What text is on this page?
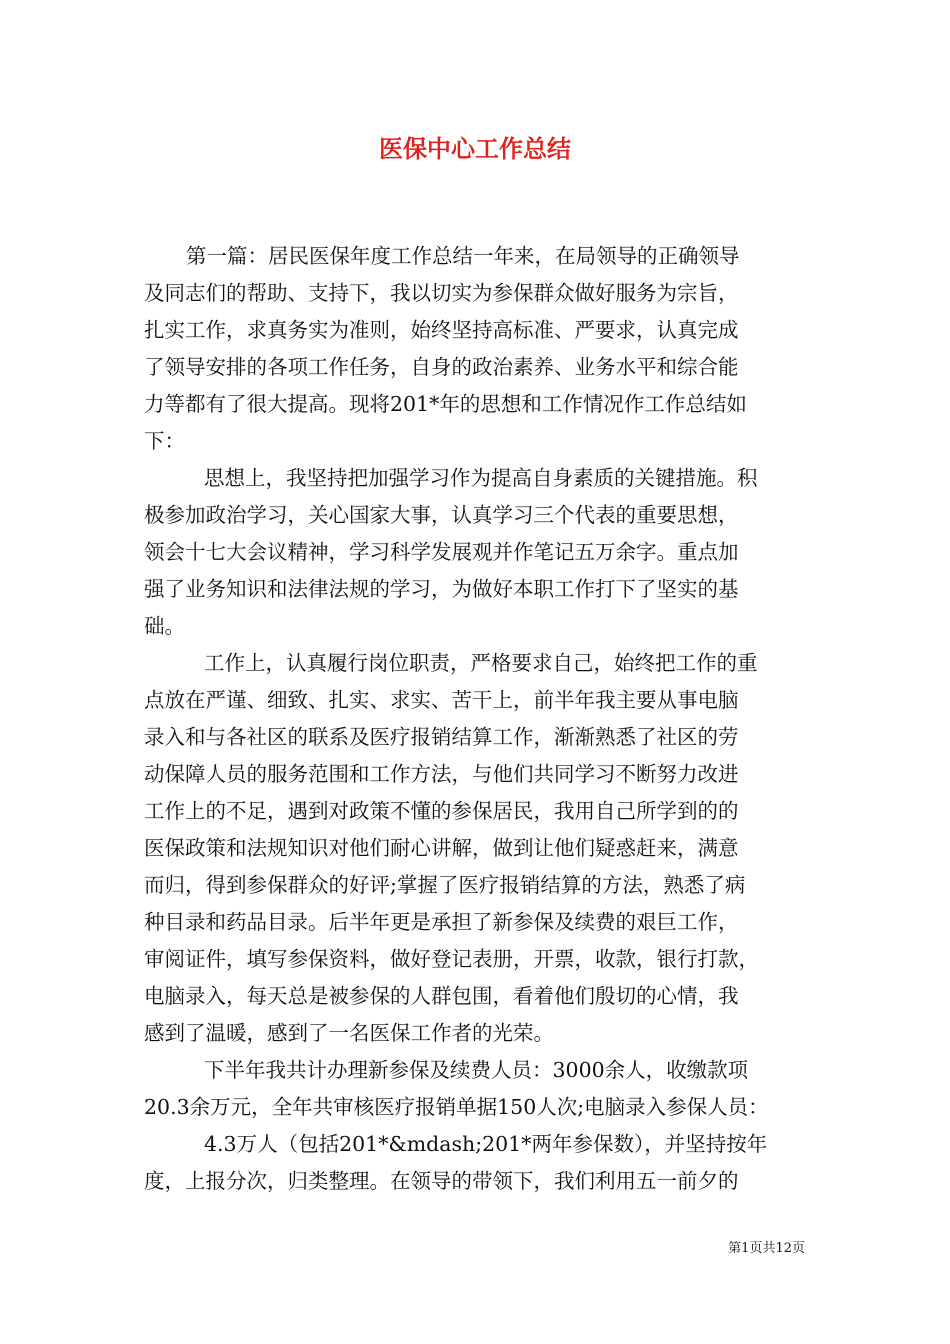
医保中心工作总结
第一篇：居民医保年度工作总结一年来，在局领导的正确领导
及同志们的帮助、支持下，我以切实为参保群众做好服务为宗旨，
扎实工作，求真务实为准则，始终坚持高标准、严要求，认真完成
了领导安排的各项工作任务，自身的政治素养、业务水平和综合能
力等都有了很大提高。现将201*年的思想和工作情况作工作总结如
下：
思想上，我坚持把加强学习作为提高自身素质的关键措施。积
极参加政治学习，关心国家大事，认真学习三个代表的重要思想，
领会十七大会议精神，学习科学发展观并作笔记五万余字。重点加
强了业务知识和法律法规的学习，为做好本职工作打下了坚实的基
础。
工作上，认真履行岗位职责，严格要求自己，始终把工作的重
点放在严谨、细致、扎实、求实、苦干上，前半年我主要从事电脑
录入和与各社区的联系及医疗报销结算工作，渐渐熟悉了社区的劳
动保障人员的服务范围和工作方法，与他们共同学习不断努力改进
工作上的不足，遇到对政策不懂的参保居民，我用自己所学到的的
医保政策和法规知识对他们耐心讲解，做到让他们疑惑赶来，满意
而归，得到参保群众的好评;掌握了医疗报销结算的方法，熟悉了病
种目录和药品目录。后半年更是承担了新参保及续费的艰巨工作，
审阅证件，填写参保资料，做好登记表册，开票，收款，银行打款，
电脑录入，每天总是被参保的人群包围，看着他们殷切的心情，我
感到了温暖，感到了一名医保工作者的光荣。
下半年我共计办理新参保及续费人员：3000余人，收缴款项
20.3余万元，全年共审核医疗报销单据150人次;电脑录入参保人员：
4.3万人（包括201*&mdash;201*两年参保数），并坚持按年
度，上报分次，归类整理。在领导的带领下，我们利用五一前夕的
第1页共12页
